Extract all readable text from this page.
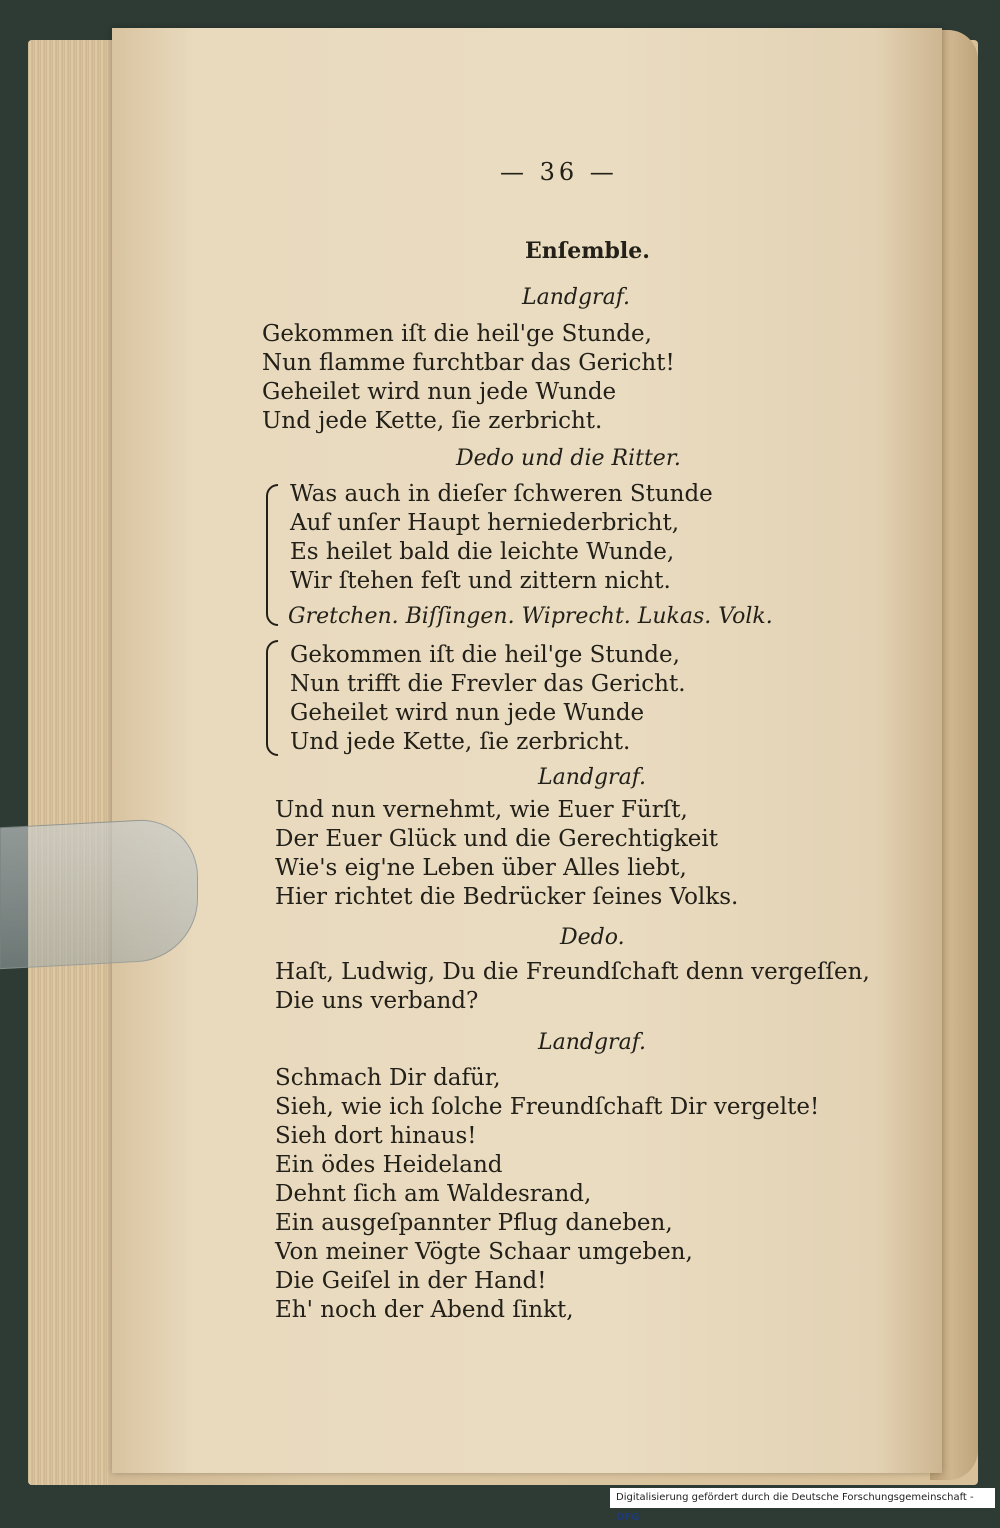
— 36 —
Enſemble.
Landgraf.
Gekommen iſt die heil'ge Stunde,
Nun flamme furchtbar das Gericht!
Geheilet wird nun jede Wunde
Und jede Kette, ſie zerbricht.
Dedo und die Ritter.
Was auch in dieſer ſchweren Stunde
Auf unſer Haupt herniederbricht,
Es heilet bald die leichte Wunde,
Wir ſtehen feſt und zittern nicht.
Gretchen. Biſſingen. Wiprecht. Lukas. Volk.
Gekommen iſt die heil'ge Stunde,
Nun trifft die Frevler das Gericht.
Geheilet wird nun jede Wunde
Und jede Kette, ſie zerbricht.
Landgraf.
Und nun vernehmt, wie Euer Fürſt,
Der Euer Glück und die Gerechtigkeit
Wie's eig'ne Leben über Alles liebt,
Hier richtet die Bedrücker ſeines Volks.
Dedo.
Haſt, Ludwig, Du die Freundſchaft denn vergeſſen,
Die uns verband?
Landgraf.
Schmach Dir dafür,
Sieh, wie ich ſolche Freundſchaft Dir vergelte!
Sieh dort hinaus!
Ein ödes Heideland
Dehnt ſich am Waldesrand,
Ein ausgeſpannter Pflug daneben,
Von meiner Vögte Schaar umgeben,
Die Geiſel in der Hand!
Eh' noch der Abend ſinkt,
Digitalisierung gefördert durch die Deutsche Forschungsgemeinschaft - DFG
